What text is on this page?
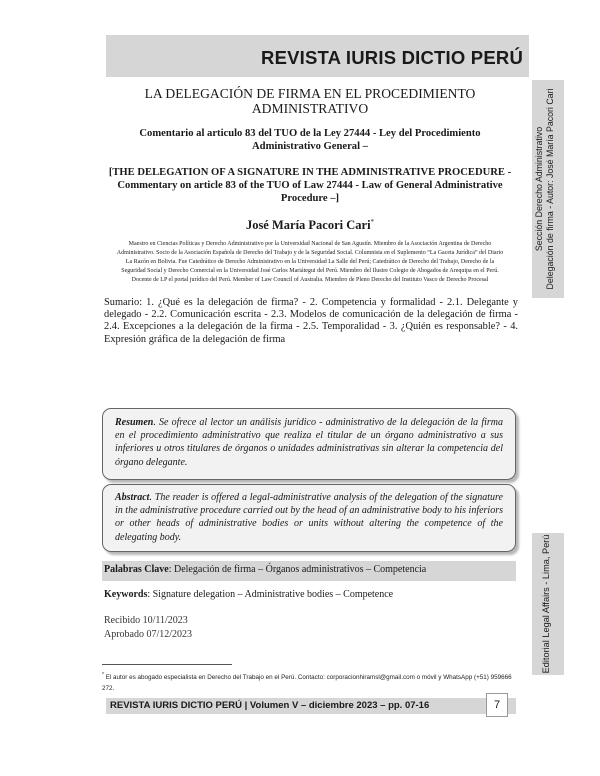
REVISTA IURIS DICTIO PERÚ
Sección Derecho Administrativo Delegación de firma - Autor: José María Pacori Cari
Editorial Legal Affairs - Lima, Perú
LA DELEGACIÓN DE FIRMA EN EL PROCEDIMIENTO ADMINISTRATIVO
Comentario al articulo 83 del TUO de la Ley 27444 - Ley del Procedimiento Administrativo General –
[THE DELEGATION OF A SIGNATURE IN THE ADMINISTRATIVE PROCEDURE - Commentary on article 83 of the TUO of Law 27444 - Law of General Administrative Procedure –]
José María Pacori Cari*
Maestro en Ciencias Políticas y Derecho Administrativo por la Universidad Nacional de San Agustín. Miembro de la Asociación Argentina de Derecho Administrativo. Socio de la Asociación Española de Derecho del Trabajo y de la Seguridad Social. Columnista en el Suplemento “La Gaceta Jurídica” del Diario La Razón en Bolivia. Fue Catedrático de Derecho Administrativo en la Universidad La Salle del Perú; Catedrático de Derecho del Trabajo, Derecho de la Seguridad Social y Derecho Comercial en la Universidad José Carlos Mariátegui del Perú. Miembro del Ilustre Colegio de Abogados de Arequipa en el Perú. Docente de LP el portal jurídico del Perú. Member of Law Council of Australia. Miembro de Pleno Derecho del Instituto Vasco de Derecho Procesal
Sumario: 1. ¿Qué es la delegación de firma? - 2. Competencia y formalidad - 2.1. Delegante y delegado - 2.2. Comunicación escrita - 2.3. Modelos de comunicación de la delegación de firma - 2.4. Excepciones a la delegación de la firma - 2.5. Temporalidad - 3. ¿Quién es responsable? - 4. Expresión gráfica de la delegación de firma
Resumen. Se ofrece al lector un análisis jurídico - administrativo de la delegación de la firma en el procedimiento administrativo que realiza el titular de un órgano administrativo a sus inferiores u otros titulares de órganos o unidades administrativas sin alterar la competencia del órgano delegante.
Abstract. The reader is offered a legal-administrative analysis of the delegation of the signature in the administrative procedure carried out by the head of an administrative body to his inferiors or other heads of administrative bodies or units without altering the competence of the delegating body.
Palabras Clave: Delegación de firma – Órganos administrativos – Competencia
Keywords: Signature delegation – Administrative bodies – Competence
Recibido 10/11/2023
Aprobado 07/12/2023
* El autor es abogado especialista en Derecho del Trabajo en el Perú. Contacto: corporacionhiramsl@gmail.com o móvil y WhatsApp (+51) 959666 272.
REVISTA IURIS DICTIO PERÚ | Volumen V – diciembre 2023 – pp. 07-16	7
